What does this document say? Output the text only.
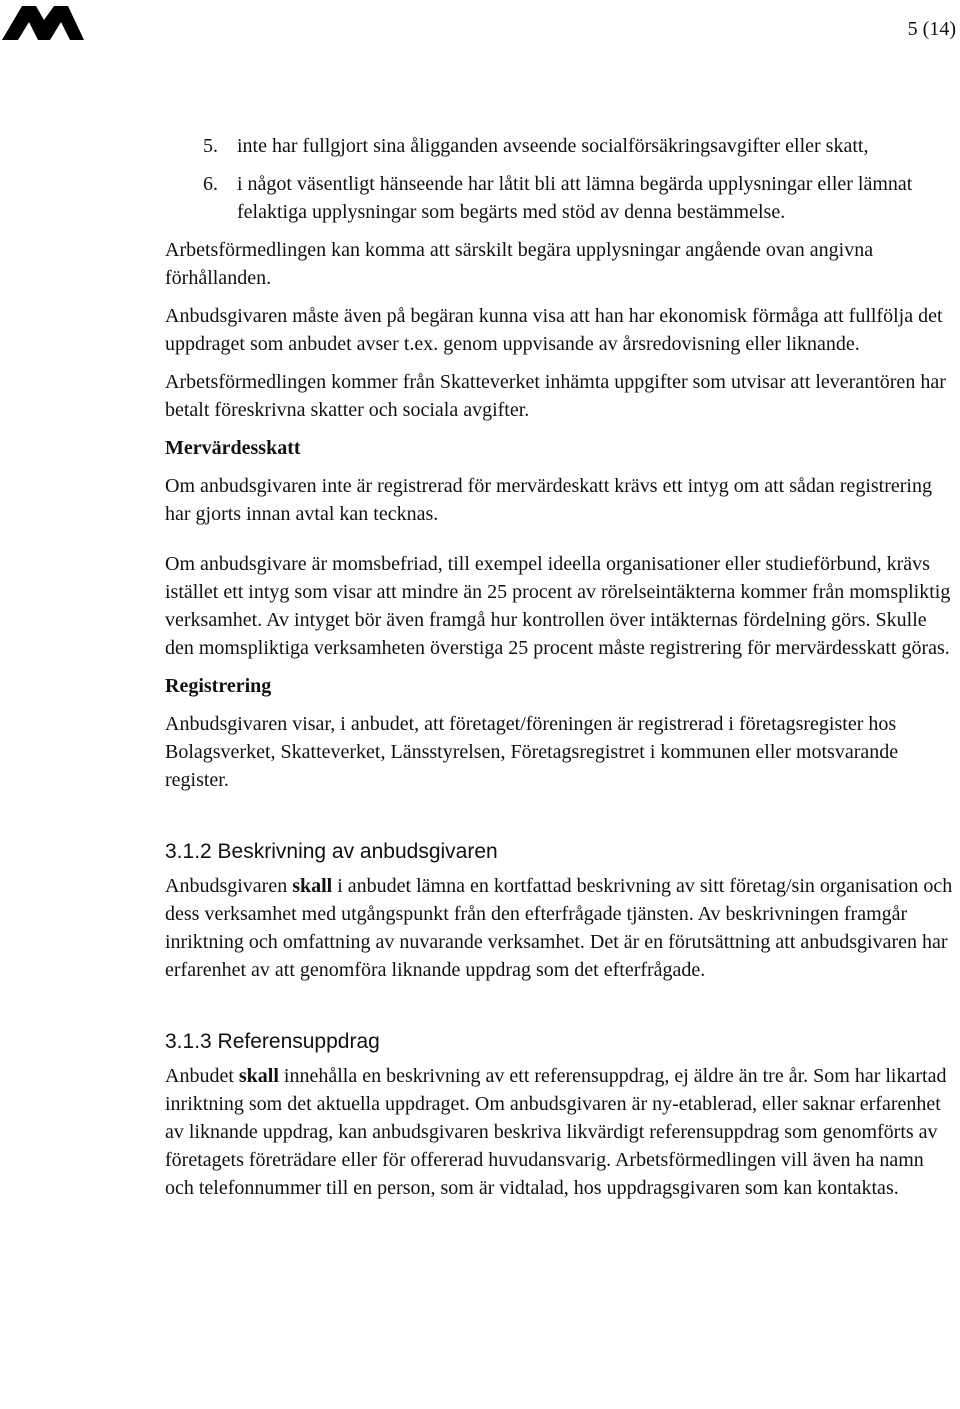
5 (14)
5. inte har fullgjort sina åligganden avseende socialförsäkringsavgifter eller skatt,
6. i något väsentligt hänseende har låtit bli att lämna begärda upplysningar eller lämnat felaktiga upplysningar som begärts med stöd av denna bestämmelse.

Arbetsförmedlingen kan komma att särskilt begära upplysningar angående ovan angivna förhållanden.

Anbudsgivaren måste även på begäran kunna visa att han har ekonomisk förmåga att fullfölja det uppdraget som anbudet avser t.ex. genom uppvisande av årsredovisning eller liknande.

Arbetsförmedlingen kommer från Skatteverket inhämta uppgifter som utvisar att leverantören har betalt föreskrivna skatter och sociala avgifter.

Mervärdesskatt

Om anbudsgivaren inte är registrerad för mervärdeskatt krävs ett intyg om att sådan registrering har gjorts innan avtal kan tecknas.

Om anbudsgivare är momsbefriad, till exempel ideella organisationer eller studieförbund, krävs istället ett intyg som visar att mindre än 25 procent av rörelseintäkterna kommer från momspliktig verksamhet. Av intyget bör även framgå hur kontrollen över intäkternas fördelning görs. Skulle den momspliktiga verksamheten överstiga 25 procent måste registrering för mervärdesskatt göras.

Registrering

Anbudsgivaren visar, i anbudet, att företaget/föreningen är registrerad i företagsregister hos Bolagsverket, Skatteverket, Länsstyrelsen, Företagsregistret i kommunen eller motsvarande register.

3.1.2 Beskrivning av anbudsgivaren

Anbudsgivaren skall i anbudet lämna en kortfattad beskrivning av sitt företag/sin organisation och dess verksamhet med utgångspunkt från den efterfrågade tjänsten. Av beskrivningen framgår inriktning och omfattning av nuvarande verksamhet. Det är en förutsättning att anbudsgivaren har erfarenhet av att genomföra liknande uppdrag som det efterfrågade.

3.1.3 Referensuppdrag

Anbudet skall innehålla en beskrivning av ett referensuppdrag, ej äldre än tre år. Som har likartad inriktning som det aktuella uppdraget. Om anbudsgivaren är ny-etablerad, eller saknar erfarenhet av liknande uppdrag, kan anbudsgivaren beskriva likvärdigt referensuppdrag som genomförts av företagets företrädare eller för offererad huvudansvarig. Arbetsförmedlingen vill även ha namn och telefonnummer till en person, som är vidtalad, hos uppdragsgivaren som kan kontaktas.
